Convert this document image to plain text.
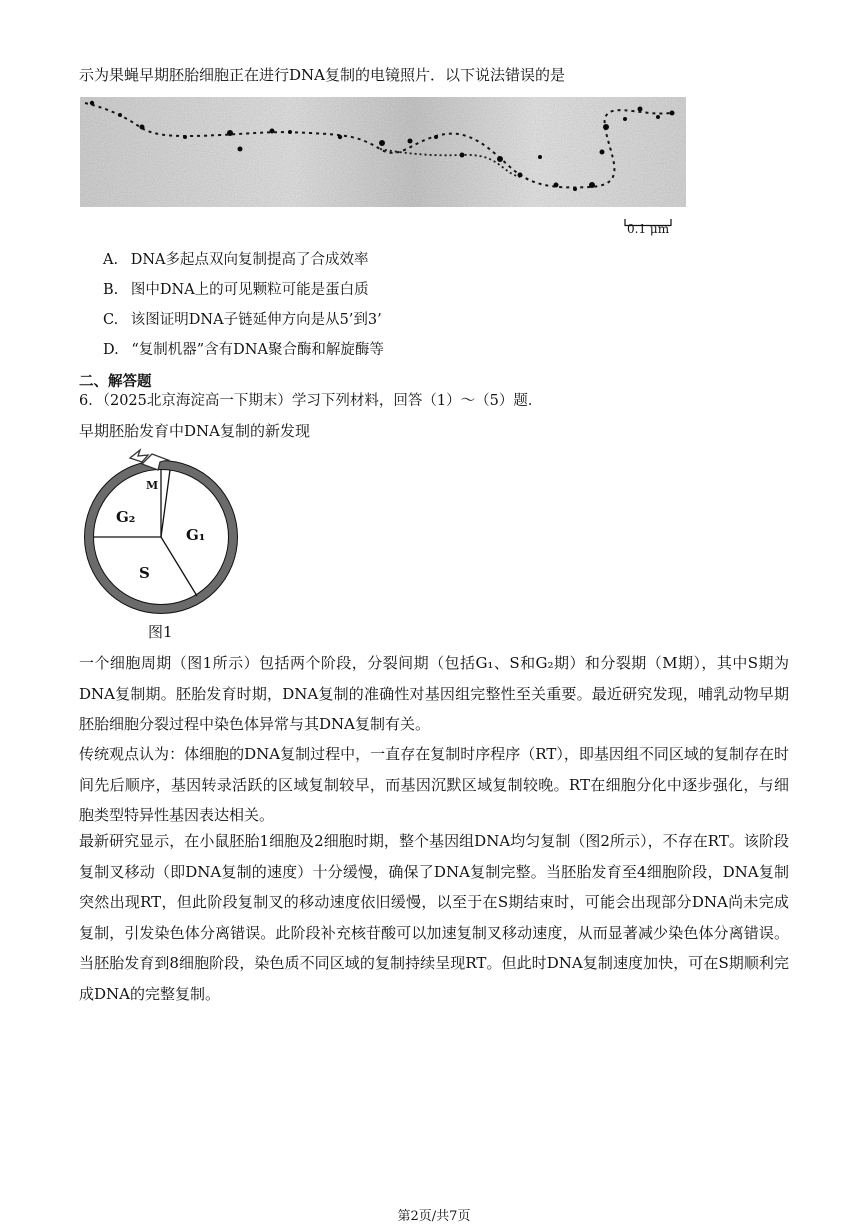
示为果蝇早期胚胎细胞正在进行DNA复制的电镜照片．以下说法错误的是
0.1 μm
A. DNA多起点双向复制提高了合成效率
B. 图中DNA上的可见颗粒可能是蛋白质
C. 该图证明DNA子链延伸方向是从5’到3’
D. “复制机器”含有DNA聚合酶和解旋酶等
二、解答题
6．（2025北京海淀高一下期末）学习下列材料，回答（1）～（5）题．
早期胚胎发育中DNA复制的新发现
M
G₂
G₁
S
图1
一个细胞周期（图1所示）包括两个阶段，分裂间期（包括G₁、S和G₂期）和分裂期（M期），其中S期为DNA复制期。胚胎发育时期，DNA复制的准确性对基因组完整性至关重要。最近研究发现，哺乳动物早期胚胎细胞分裂过程中染色体异常与其DNA复制有关。
传统观点认为：体细胞的DNA复制过程中，一直存在复制时序程序（RT），即基因组不同区域的复制存在时间先后顺序，基因转录活跃的区域复制较早，而基因沉默区域复制较晚。RT在细胞分化中逐步强化，与细胞类型特异性基因表达相关。
最新研究显示，在小鼠胚胎1细胞及2细胞时期，整个基因组DNA均匀复制（图2所示），不存在RT。该阶段复制叉移动（即DNA复制的速度）十分缓慢，确保了DNA复制完整。当胚胎发育至4细胞阶段，DNA复制突然出现RT，但此阶段复制叉的移动速度依旧缓慢，以至于在S期结束时，可能会出现部分DNA尚未完成复制，引发染色体分离错误。此阶段补充核苷酸可以加速复制叉移动速度，从而显著减少染色体分离错误。当胚胎发育到8细胞阶段，染色质不同区域的复制持续呈现RT。但此时DNA复制速度加快，可在S期顺利完成DNA的完整复制。
第2页/共7页
